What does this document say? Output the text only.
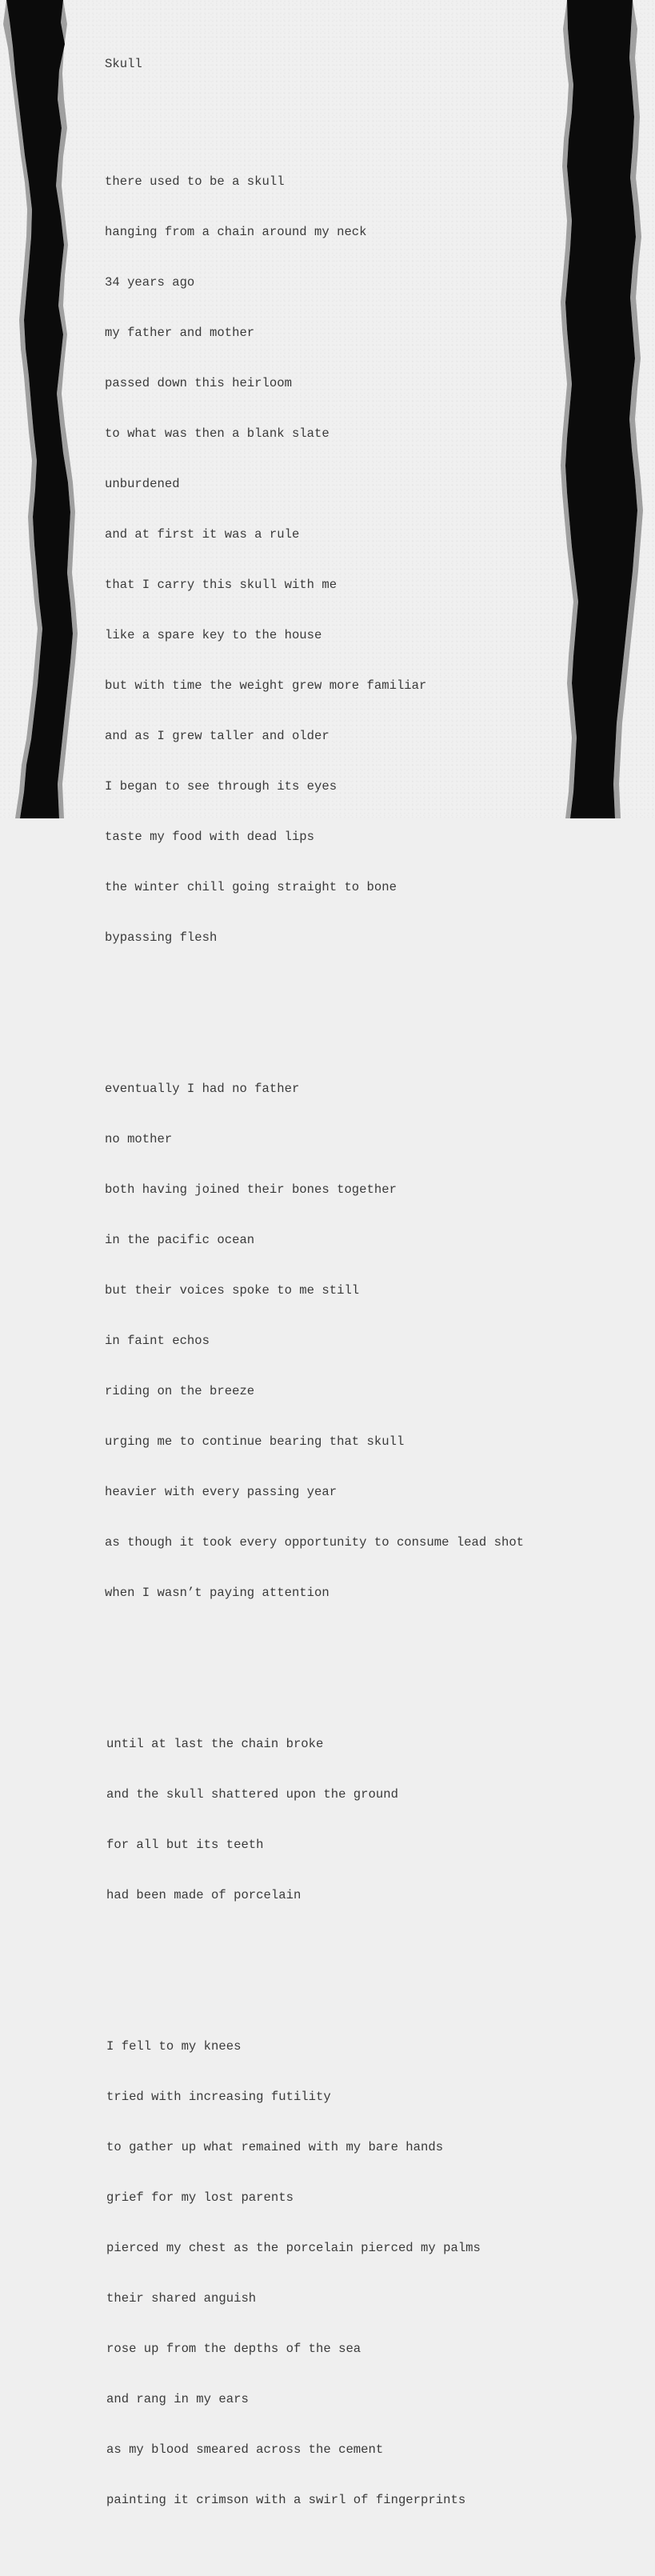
Skull

there used to be a skull

hanging from a chain around my neck

34 years ago

my father and mother

passed down this heirloom

to what was then a blank slate

unburdened

and at first it was a rule

that I carry this skull with me

like a spare key to the house

but with time the weight grew more familiar

and as I grew taller and older

I began to see through its eyes

taste my food with dead lips

the winter chill going straight to bone

bypassing flesh

eventually I had no father

no mother

both having joined their bones together

in the pacific ocean

but their voices spoke to me still

in faint echos

riding on the breeze

urging me to continue bearing that skull

heavier with every passing year

as though it took every opportunity to consume lead shot

when I wasn’t paying attention

until at last the chain broke

and the skull shattered upon the ground

for all but its teeth

had been made of porcelain

I fell to my knees

tried with increasing futility

to gather up what remained with my bare hands

grief for my lost parents

pierced my chest as the porcelain pierced my palms

their shared anguish

rose up from the depths of the sea

and rang in my ears

as my blood smeared across the cement

painting it crimson with a swirl of fingerprints
